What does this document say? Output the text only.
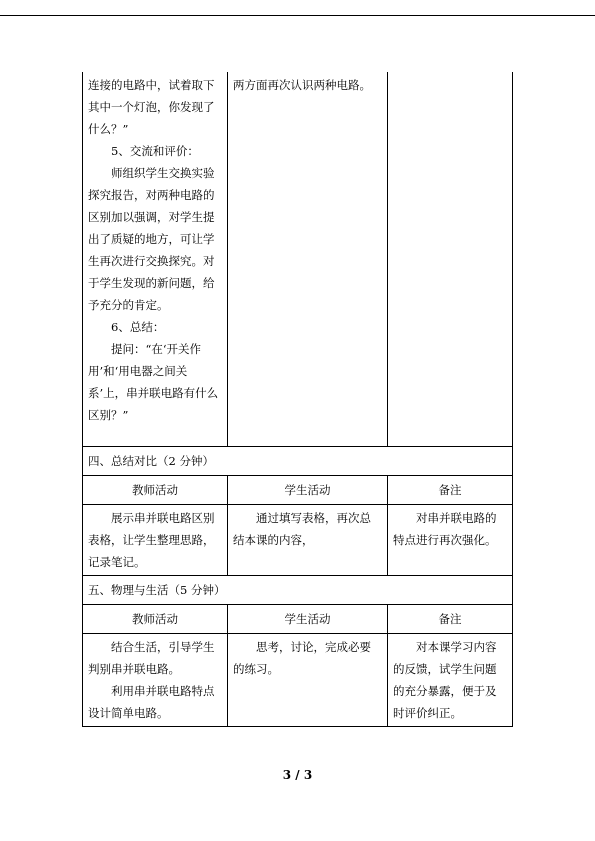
连接的电路中，试着取下其中一个灯泡，你发现了什么？”

5、交流和评价：

师组织学生交换实验探究报告，对两种电路的区别加以强调，对学生提出了质疑的地方，可让学生再次进行交换探究。对于学生发现的新问题，给予充分的肯定。

6、总结：

提问：“在‘开关作用’和‘用电器之间关系’上，串并联电路有什么区别？”	两方面再次认识两种电路。	

四、总结对比（2 分钟）		
教师活动	学生活动	备注

展示串并联电路区别表格，让学生整理思路，记录笔记。	通过填写表格，再次总结本课的内容，	对串并联电路的特点进行再次强化。

五、物理与生活（5 分钟）		
教师活动	学生活动	备注

结合生活，引导学生判别串并联电路。

利用串并联电路特点设计简单电路。	思考，讨论，完成必要的练习。	对本课学习内容的反馈，试学生问题的充分暴露，便于及时评价纠正。

3 / 3
